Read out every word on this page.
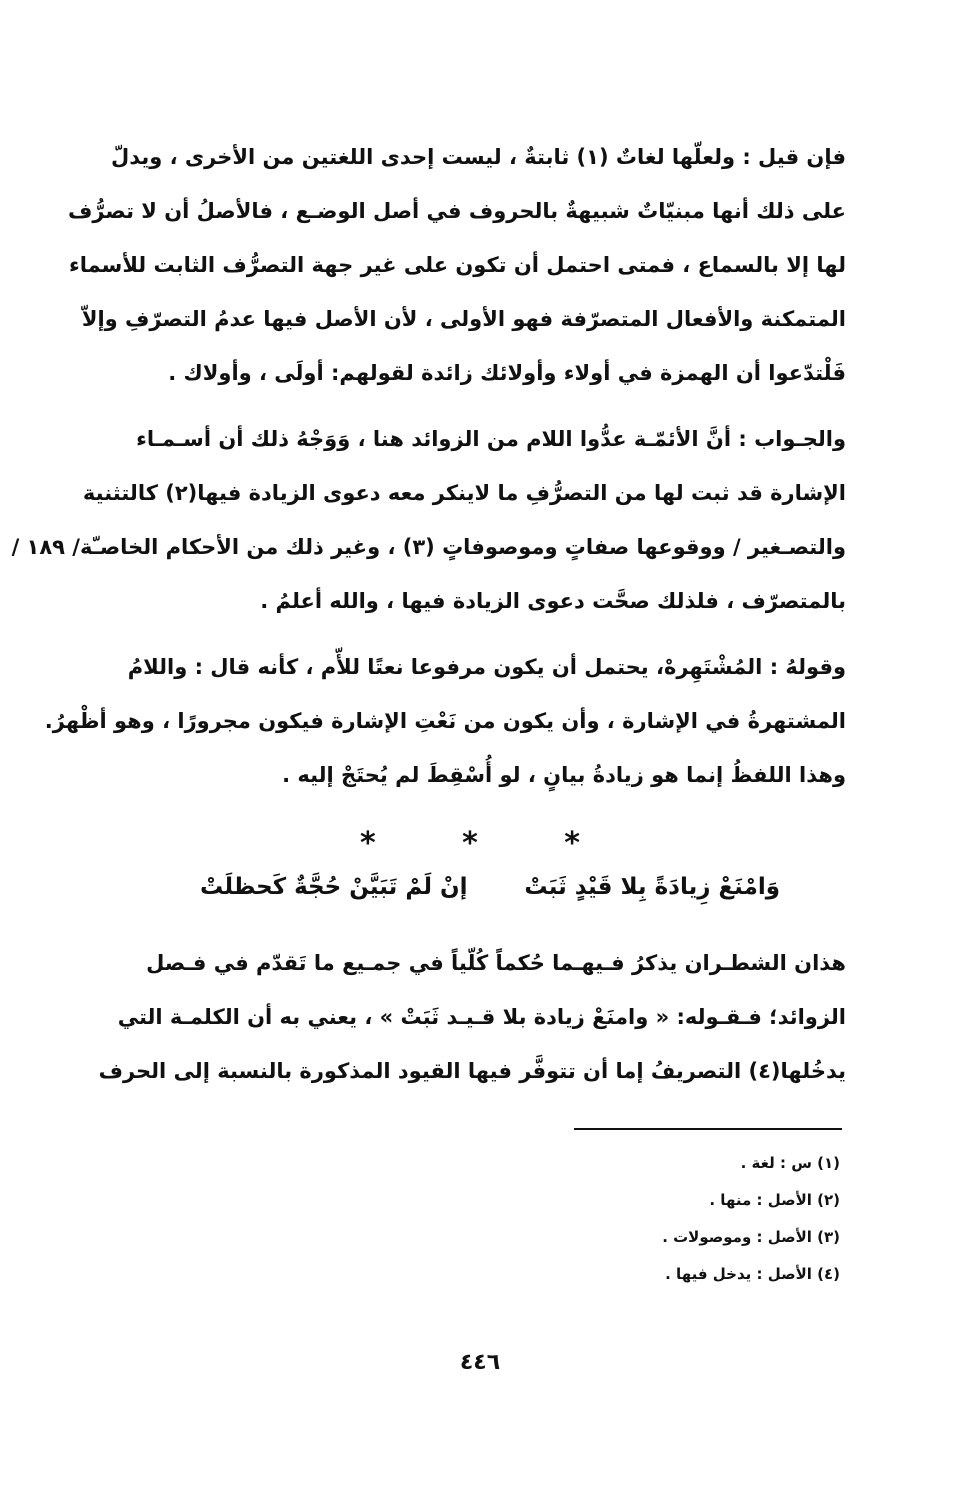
فإن قيل : ولعلّها لغاتٌ (١) ثابتةٌ ، ليست إحدى اللغتين من الأخرى ، ويدلّ
على ذلك أنها مبنيّاتٌ شبيهةٌ بالحروف في أصل الوضـع ، فالأصلُ أن لا تصرُّف
لها إلا بالسماع ، فمتى احتمل أن تكون على غير جهة التصرُّف الثابت للأسماء
المتمكنة والأفعال المتصرّفة فهو الأولى ، لأن الأصل فيها عدمُ التصرّفِ وإلاّ
فَلْتدّعوا أن الهمزة في أولاء وأولائك زائدة لقولهم: أولَى ، وأولاك .
والجـواب : أنَّ الأئمّـة عدُّوا اللام من الزوائد هنا ، وَوَجْهُ ذلك أن أسـمـاء
الإشارة قد ثبت لها من التصرُّفِ ما لاينكر معه دعوى الزيادة فيها(٢) كالتثنية
والتصـغير / ووقوعها صفاتٍ وموصوفاتٍ (٣) ، وغير ذلك من الأحكام الخاصـّة/ ١٨٩ /
بالمتصرّف ، فلذلك صحَّت دعوى الزيادة فيها ، والله أعلمُ .
وقولهُ : المُشْتَهِرهْ، يحتمل أن يكون مرفوعا نعتًا للأّم ، كأنه قال : واللامُ
المشتهرةُ في الإشارة ، وأن يكون من نَعْتِ الإشارة فيكون مجرورًا ، وهو أظْهرُ.
وهذا اللفظُ إنما هو زيادةُ بيانٍ ، لو أُسْقِطَ لم يُحتَجْ إليه .
*	*	*
وَامْنَعْ زِيادَةً بِلا قَيْدٍ ثَبَتْ
إنْ لَمْ تَبَيَّنْ حُجَّةٌ كَحظلَتْ
هذان الشطـران يذكرُ فـيهـما حُكماً كُلّياً في جمـيع ما تَقدّم في فـصل
الزوائد؛ فـقـوله: « وامنَعْ زيادة بلا قـيـد ثَبَتْ » ، يعني به أن الكلمـة التي
يدخُلها(٤) التصريفُ إما أن تتوفَّر فيها القيود المذكورة بالنسبة إلى الحرف
(١) س : لغة .
(٢) الأصل : منها .
(٣) الأصل : وموصولات .
(٤) الأصل : يدخل فيها .
٤٤٦
